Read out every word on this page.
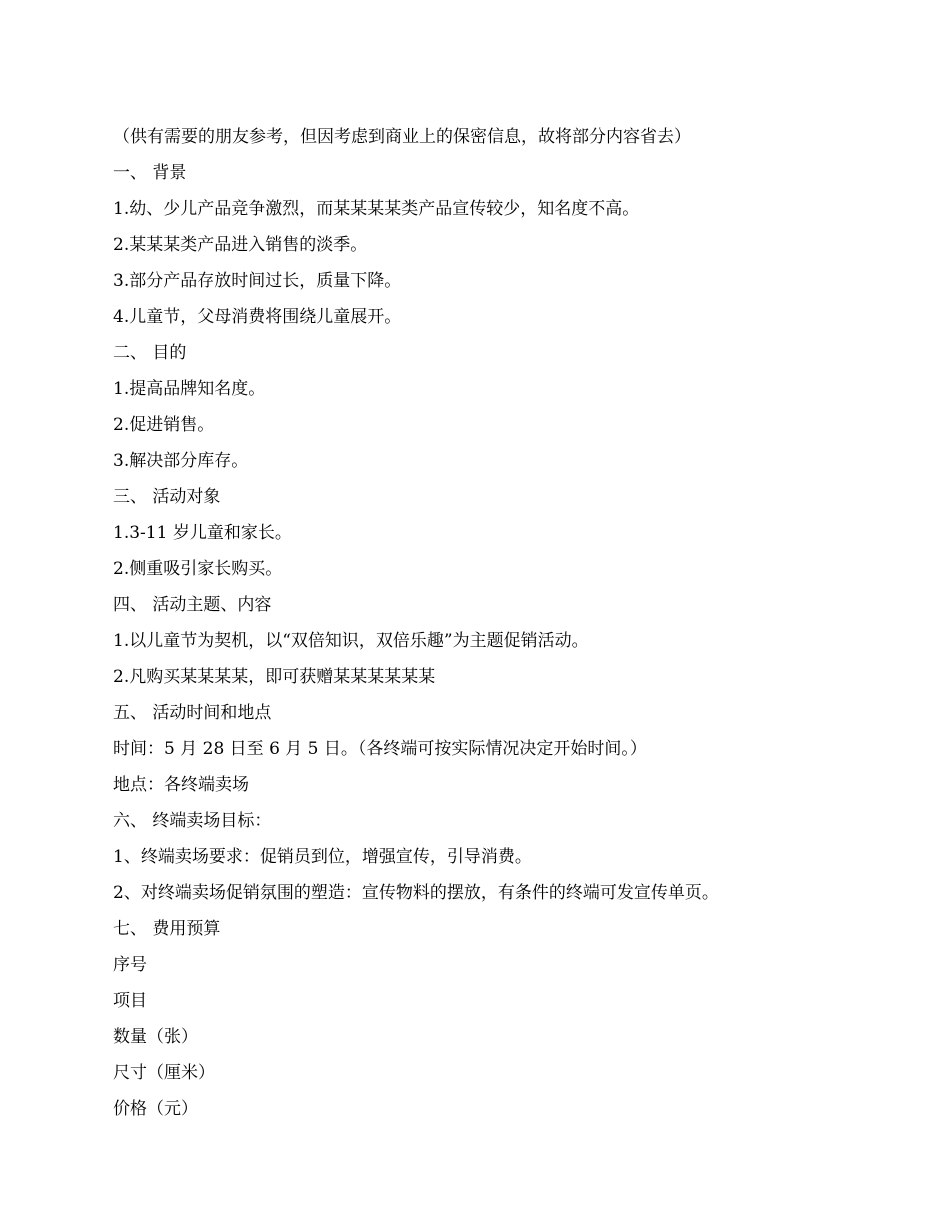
（供有需要的朋友参考，但因考虑到商业上的保密信息，故将部分内容省去）
一、 背景
1.幼、少儿产品竞争激烈，而某某某某类产品宣传较少，知名度不高。
2.某某某类产品进入销售的淡季。
3.部分产品存放时间过长，质量下降。
4.儿童节，父母消费将围绕儿童展开。
二、 目的
1.提高品牌知名度。
2.促进销售。
3.解决部分库存。
三、 活动对象
1.3-11 岁儿童和家长。
2.侧重吸引家长购买。
四、 活动主题、内容
1.以儿童节为契机，以“双倍知识，双倍乐趣”为主题促销活动。
2.凡购买某某某某，即可获赠某某某某某某
五、 活动时间和地点
时间：5 月 28 日至 6 月 5 日。（各终端可按实际情况决定开始时间。）
地点：各终端卖场
六、 终端卖场目标：
1、终端卖场要求：促销员到位，增强宣传，引导消费。
2、对终端卖场促销氛围的塑造：宣传物料的摆放，有条件的终端可发宣传单页。
七、 费用预算
序号
项目
数量（张）
尺寸（厘米）
价格（元）
